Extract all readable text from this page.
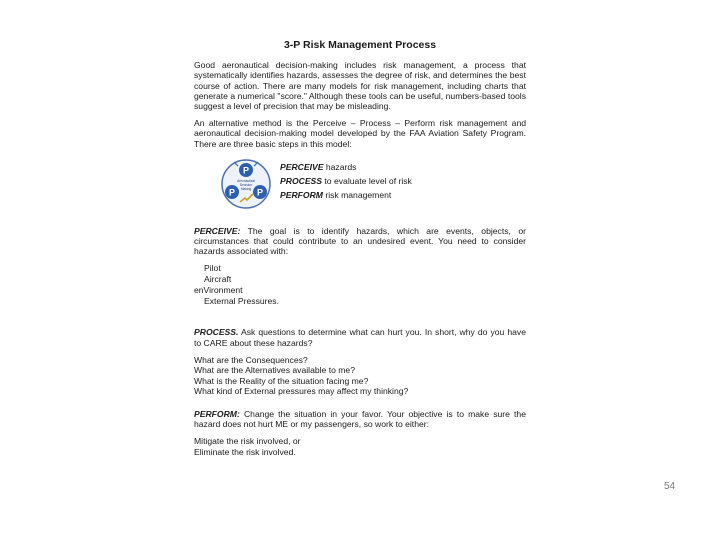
3-P Risk Management Process
Good aeronautical decision-making includes risk management, a process that systematically identifies hazards, assesses the degree of risk, and determines the best course of action. There are many models for risk management, including charts that generate a numerical "score." Although these tools can be useful, numbers-based tools suggest a level of precision that may be misleading.
An alternative method is the Perceive – Process – Perform risk management and aeronautical decision-making model developed by the FAA Aviation Safety Program. There are three basic steps in this model:
P
P P
Aeronautical
Decision
Making
PERCEIVE hazards
PROCESS to evaluate level of risk
PERFORM risk management
PERCEIVE: The goal is to identify hazards, which are events, objects, or circumstances that could contribute to an undesired event. You need to consider hazards associated with:
Pilot
Aircraft
enVironment
External Pressures.
PROCESS. Ask questions to determine what can hurt you. In short, why do you have to CARE about these hazards?
What are the Consequences?
What are the Alternatives available to me?
What is the Reality of the situation facing me?
What kind of External pressures may affect my thinking?
PERFORM: Change the situation in your favor. Your objective is to make sure the hazard does not hurt ME or my passengers, so work to either:
Mitigate the risk involved, or
Eliminate the risk involved.
54
